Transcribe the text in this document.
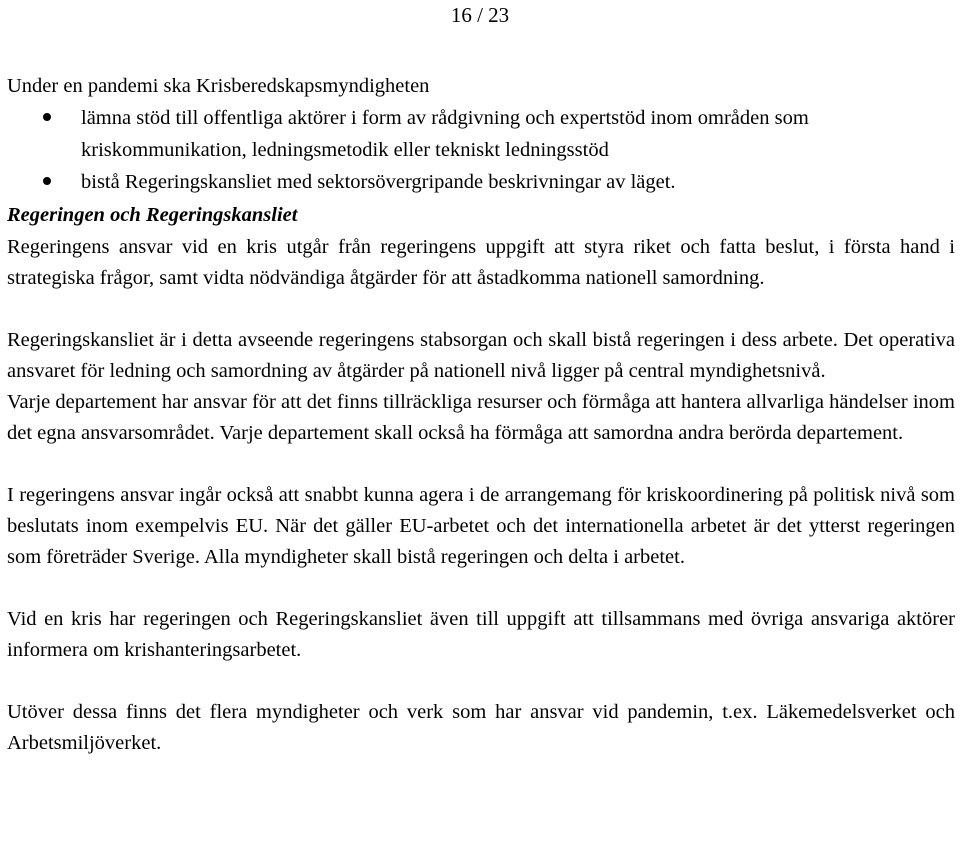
16 / 23

Under en pandemi ska Krisberedskapsmyndigheten

lämna stöd till offentliga aktörer i form av rådgivning och expertstöd inom områden som kriskommunikation, ledningsmetodik eller tekniskt ledningsstöd
bistå Regeringskansliet med sektorsövergripande beskrivningar av läget.
Regeringen och Regeringskansliet

Regeringens ansvar vid en kris utgår från regeringens uppgift att styra riket och fatta beslut, i första hand i strategiska frågor, samt vidta nödvändiga åtgärder för att åstadkomma nationell samordning.

Regeringskansliet är i detta avseende regeringens stabsorgan och skall bistå regeringen i dess arbete. Det operativa ansvaret för ledning och samordning av åtgärder på nationell nivå ligger på central myndighetsnivå.

Varje departement har ansvar för att det finns tillräckliga resurser och förmåga att hantera allvarliga händelser inom det egna ansvarsområdet. Varje departement skall också ha förmåga att samordna andra berörda departement.

I regeringens ansvar ingår också att snabbt kunna agera i de arrangemang för kriskoordinering på politisk nivå som beslutats inom exempelvis EU. När det gäller EU-arbetet och det internationella arbetet är det ytterst regeringen som företräder Sverige. Alla myndigheter skall bistå regeringen och delta i arbetet.

Vid en kris har regeringen och Regeringskansliet även till uppgift att tillsammans med övriga ansvariga aktörer informera om krishanteringsarbetet.

Utöver dessa finns det flera myndigheter och verk som har ansvar vid pandemin, t.ex. Läkemedelsverket och Arbetsmiljöverket.
